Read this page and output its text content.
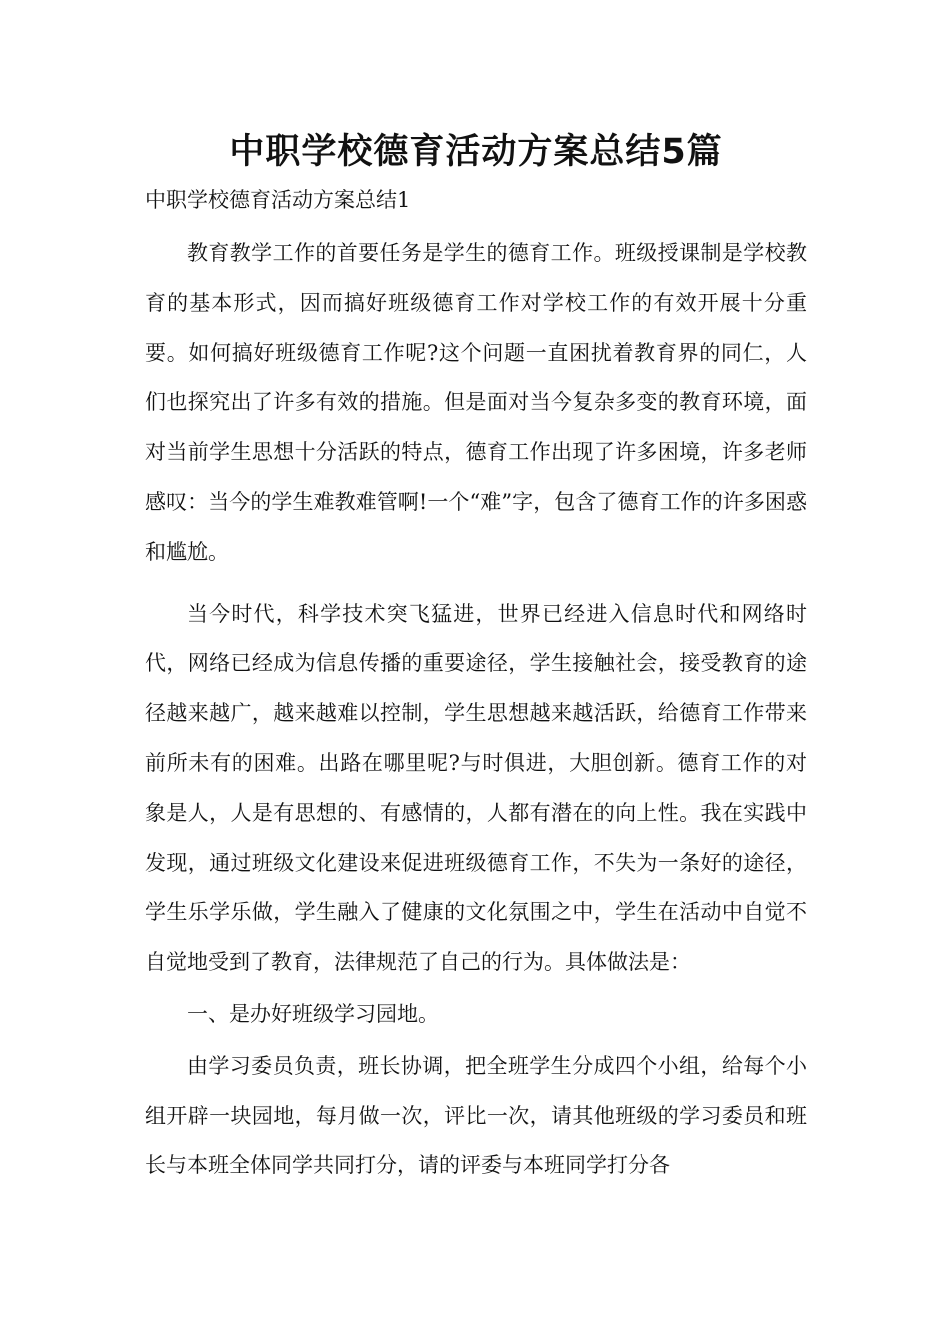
中职学校德育活动方案总结5篇
中职学校德育活动方案总结1

教育教学工作的首要任务是学生的德育工作。班级授课制是学校教育的基本形式，因而搞好班级德育工作对学校工作的有效开展十分重要。如何搞好班级德育工作呢?这个问题一直困扰着教育界的同仁，人们也探究出了许多有效的措施。但是面对当今复杂多变的教育环境，面对当前学生思想十分活跃的特点，德育工作出现了许多困境，许多老师感叹：当今的学生难教难管啊!一个“难”字，包含了德育工作的许多困惑和尴尬。

当今时代，科学技术突飞猛进，世界已经进入信息时代和网络时代，网络已经成为信息传播的重要途径，学生接触社会，接受教育的途径越来越广，越来越难以控制，学生思想越来越活跃，给德育工作带来前所未有的困难。出路在哪里呢?与时俱进，大胆创新。德育工作的对象是人，人是有思想的、有感情的，人都有潜在的向上性。我在实践中发现，通过班级文化建设来促进班级德育工作，不失为一条好的途径，学生乐学乐做，学生融入了健康的文化氛围之中，学生在活动中自觉不自觉地受到了教育，法律规范了自己的行为。具体做法是：

一、是办好班级学习园地。

由学习委员负责，班长协调，把全班学生分成四个小组，给每个小组开辟一块园地，每月做一次，评比一次，请其他班级的学习委员和班长与本班全体同学共同打分，请的评委与本班同学打分各
